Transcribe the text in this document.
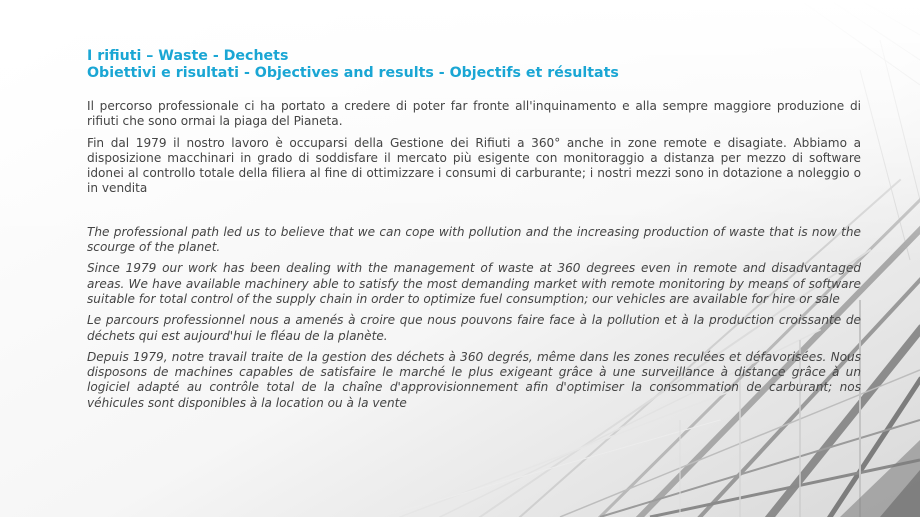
I rifiuti – Waste - Dechets
Obiettivi e risultati - Objectives and results - Objectifs et résultats

Il percorso professionale ci ha portato a credere di poter far fronte all'inquinamento e alla sempre maggiore produzione di rifiuti che sono ormai la piaga del Pianeta.

Fin dal 1979 il nostro lavoro è occuparsi della Gestione dei Rifiuti a 360° anche in zone remote e disagiate. Abbiamo a disposizione macchinari in grado di soddisfare il mercato più esigente con monitoraggio a distanza per mezzo di software idonei al controllo totale della filiera al fine di ottimizzare i consumi di carburante; i nostri mezzi sono in dotazione a noleggio o in vendita

The professional path led us to believe that we can cope with pollution and the increasing production of waste that is now the scourge of the planet.

Since 1979 our work has been dealing with the management of waste at 360 degrees even in remote and disadvantaged areas. We have available machinery able to satisfy the most demanding market with remote monitoring by means of software suitable for total control of the supply chain in order to optimize fuel consumption; our vehicles are available for hire or sale

Le parcours professionnel nous a amenés à croire que nous pouvons faire face à la pollution et à la production croissante de déchets qui est aujourd'hui le fléau de la planète.

Depuis 1979, notre travail traite de la gestion des déchets à 360 degrés, même dans les zones reculées et défavorisées. Nous disposons de machines capables de satisfaire le marché le plus exigeant grâce à une surveillance à distance grâce à un logiciel adapté au contrôle total de la chaîne d'approvisionnement afin d'optimiser la consommation de carburant; nos véhicules sont disponibles à la location ou à la vente
